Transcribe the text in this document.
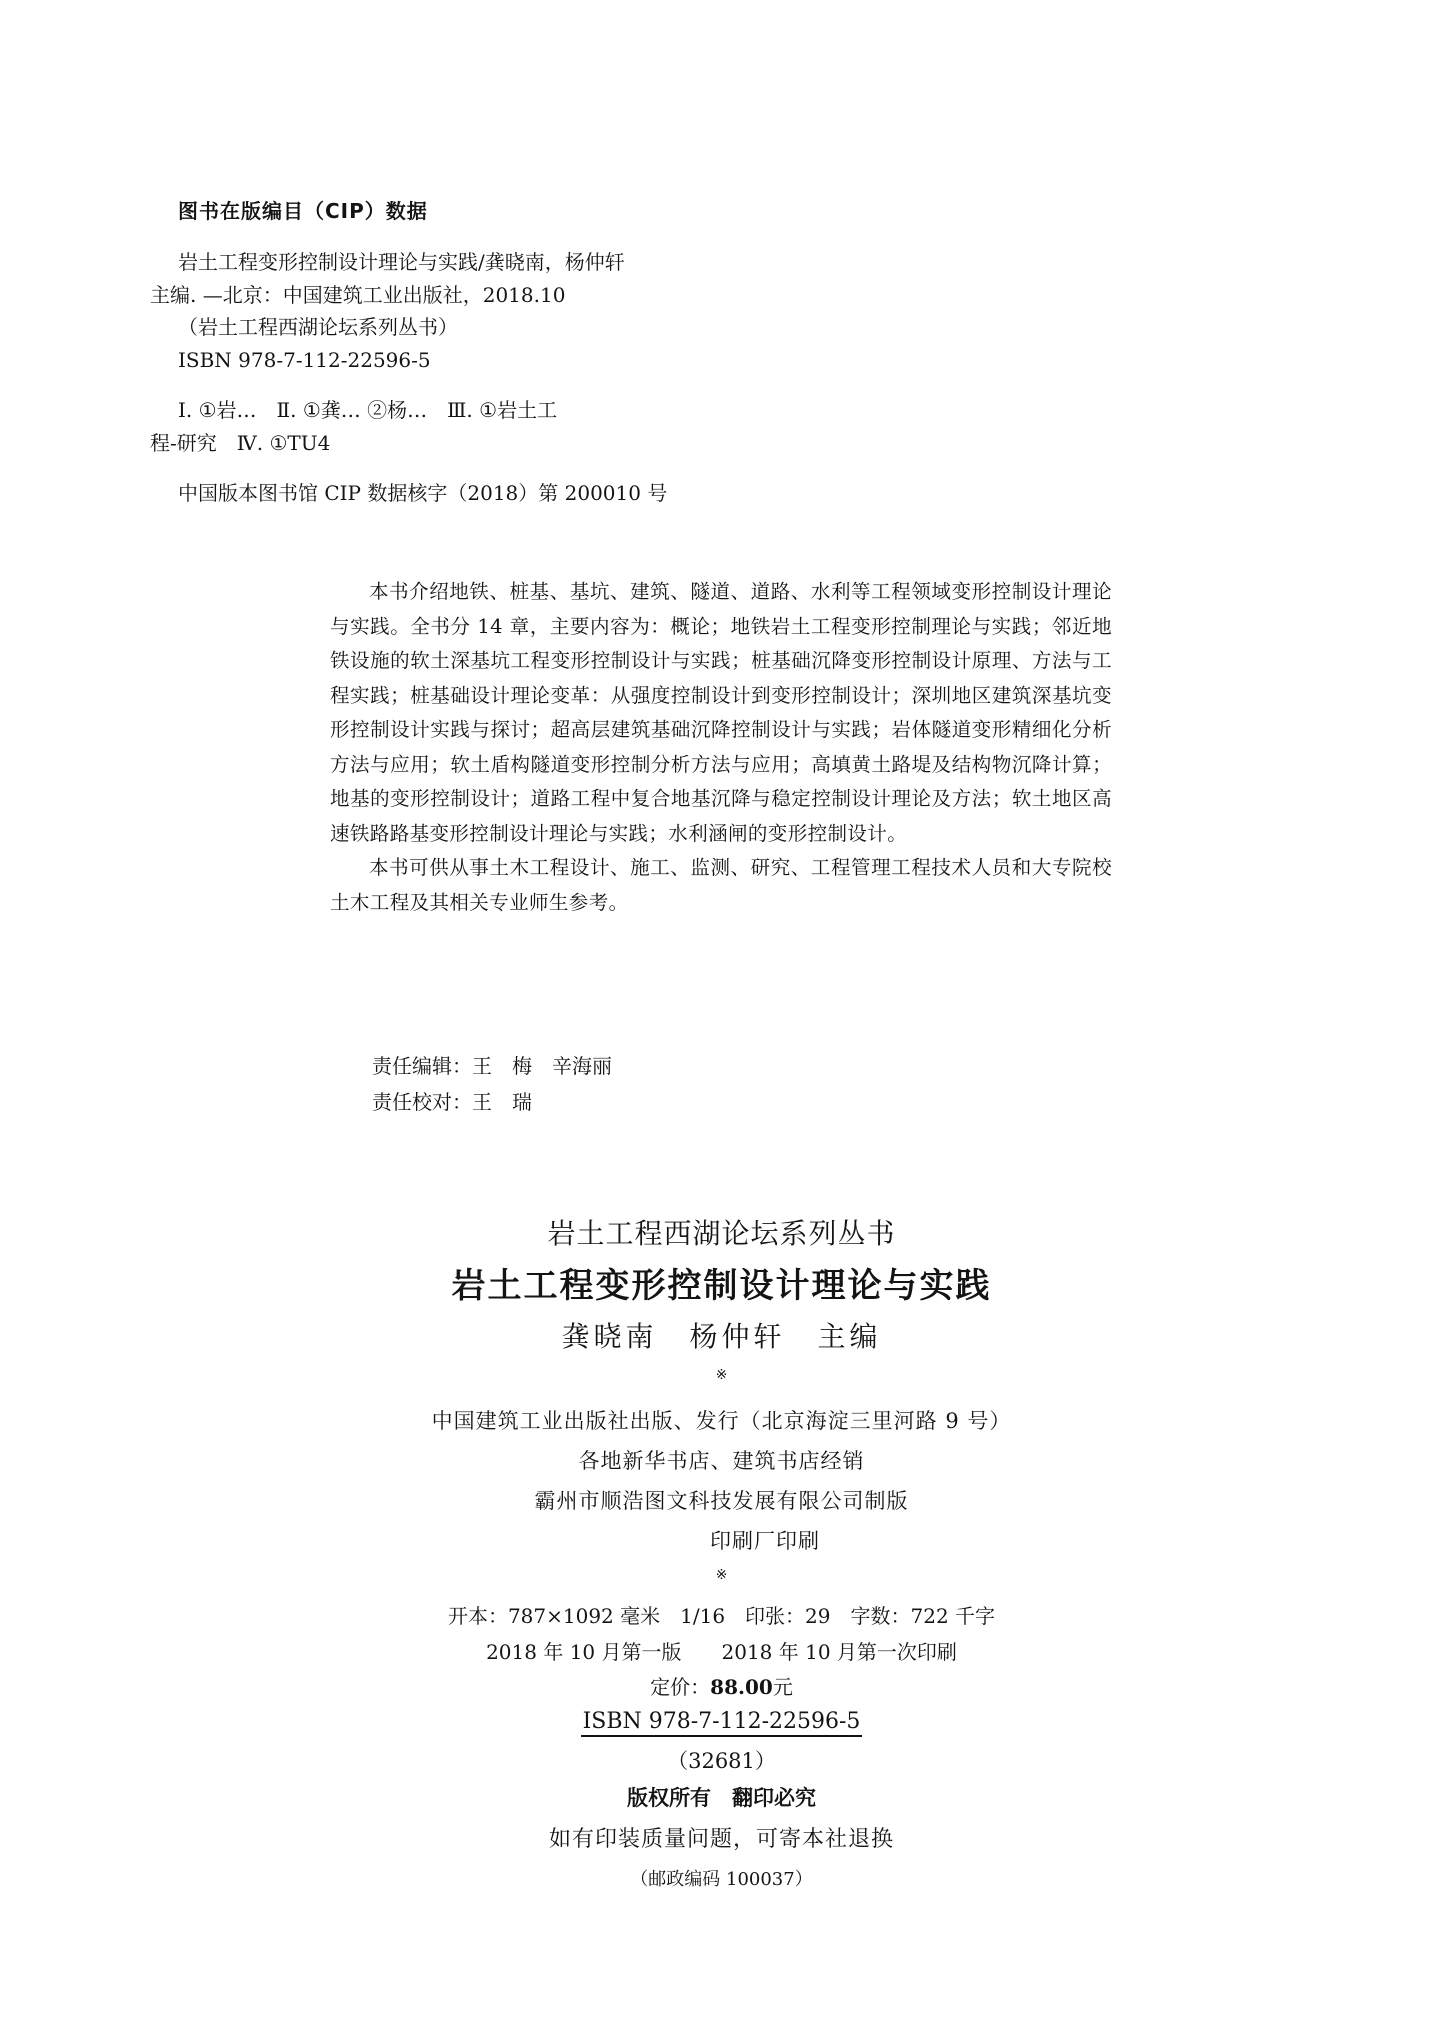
图书在版编目（CIP）数据
岩土工程变形控制设计理论与实践/龚晓南，杨仲轩
主编. —北京：中国建筑工业出版社，2018.10
（岩土工程西湖论坛系列丛书）
ISBN 978-7-112-22596-5
Ⅰ. ①岩…　Ⅱ. ①龚… ②杨…　Ⅲ. ①岩土工
程-研究　Ⅳ. ①TU4
中国版本图书馆 CIP 数据核字（2018）第 200010 号

本书介绍地铁、桩基、基坑、建筑、隧道、道路、水利等工程领域变形控制设计理论与实践。全书分 14 章，主要内容为：概论；地铁岩土工程变形控制理论与实践；邻近地铁设施的软土深基坑工程变形控制设计与实践；桩基础沉降变形控制设计原理、方法与工程实践；桩基础设计理论变革：从强度控制设计到变形控制设计；深圳地区建筑深基坑变形控制设计实践与探讨；超高层建筑基础沉降控制设计与实践；岩体隧道变形精细化分析方法与应用；软土盾构隧道变形控制分析方法与应用；高填黄土路堤及结构物沉降计算；地基的变形控制设计；道路工程中复合地基沉降与稳定控制设计理论及方法；软土地区高速铁路路基变形控制设计理论与实践；水利涵闸的变形控制设计。

本书可供从事土木工程设计、施工、监测、研究、工程管理工程技术人员和大专院校土木工程及其相关专业师生参考。

责任编辑：王　梅　辛海丽
责任校对：王　瑞
岩土工程西湖论坛系列丛书
岩土工程变形控制设计理论与实践
龚晓南　杨仲轩　主编
※
中国建筑工业出版社出版、发行（北京海淀三里河路 9 号）
各地新华书店、建筑书店经销
霸州市顺浩图文科技发展有限公司制版
印刷厂印刷
※
开本：787×1092 毫米　1/16　印张：29　字数：722 千字
2018 年 10 月第一版　　2018 年 10 月第一次印刷
定价：88.00元
ISBN 978-7-112-22596-5
（32681）
版权所有　翻印必究
如有印装质量问题，可寄本社退换
（邮政编码 100037）
